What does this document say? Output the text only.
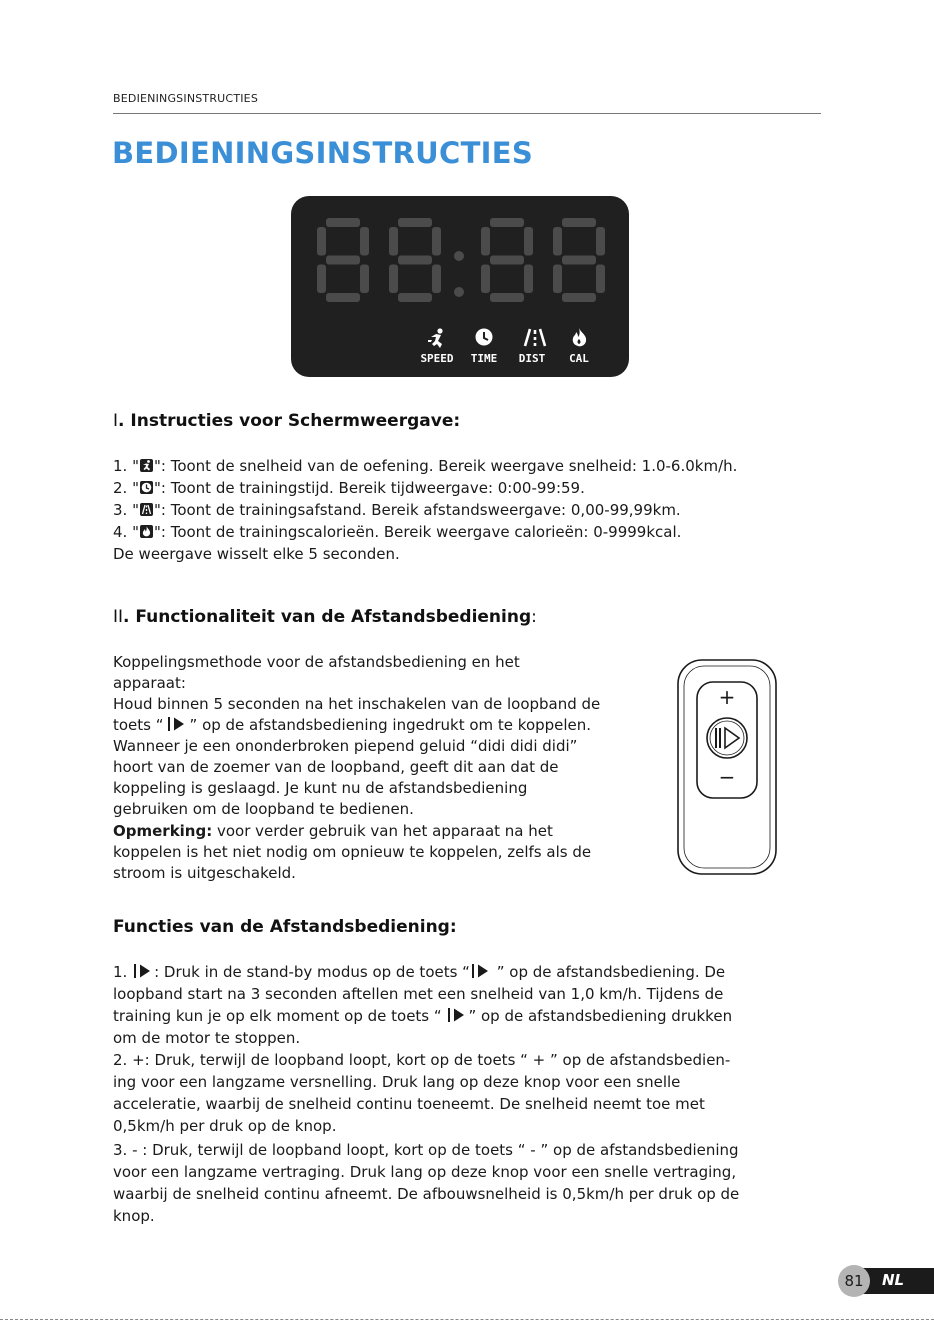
BEDIENINGSINSTRUCTIES
BEDIENINGSINSTRUCTIES
SPEED TIME DIST CAL
I. Instructies voor Schermweergave:
1. " ": Toont de snelheid van de oefening. Bereik weergave snelheid: 1.0-6.0km/h.
2. " ": Toont de trainingstijd. Bereik tijdweergave: 0:00-99:59.
3. " ": Toont de trainingsafstand. Bereik afstandsweergave: 0,00-99,99km.
4. " ": Toont de trainingscalorieën. Bereik weergave calorieën: 0-9999kcal.
De weergave wisselt elke 5 seconden.
II. Functionaliteit van de Afstandsbediening:
Koppelingsmethode voor de afstandsbediening en het
apparaat:
Houd binnen 5 seconden na het inschakelen van de loopband de
toets “ ” op de afstandsbediening ingedrukt om te koppelen.
Wanneer je een ononderbroken piepend geluid “didi didi didi”
hoort van de zoemer van de loopband, geeft dit aan dat de
koppeling is geslaagd. Je kunt nu de afstandsbediening
gebruiken om de loopband te bedienen.
Opmerking: voor verder gebruik van het apparaat na het
koppelen is het niet nodig om opnieuw te koppelen, zelfs als de
stroom is uitgeschakeld.
+
−
Functies van de Afstandsbediening:
1. : Druk in de stand-by modus op de toets “ ” op de afstandsbediening. De
loopband start na 3 seconden aftellen met een snelheid van 1,0 km/h. Tijdens de
training kun je op elk moment op de toets “ ” op de afstandsbediening drukken
om de motor te stoppen.
2. +: Druk, terwijl de loopband loopt, kort op de toets “ + ” op de afstandsbedien-
ing voor een langzame versnelling. Druk lang op deze knop voor een snelle
acceleratie, waarbij de snelheid continu toeneemt. De snelheid neemt toe met
0,5km/h per druk op de knop.
3. - : Druk, terwijl de loopband loopt, kort op de toets “ - ” op de afstandsbediening
voor een langzame vertraging. Druk lang op deze knop voor een snelle vertraging,
waarbij de snelheid continu afneemt. De afbouwsnelheid is 0,5km/h per druk op de
knop.
81	NL
